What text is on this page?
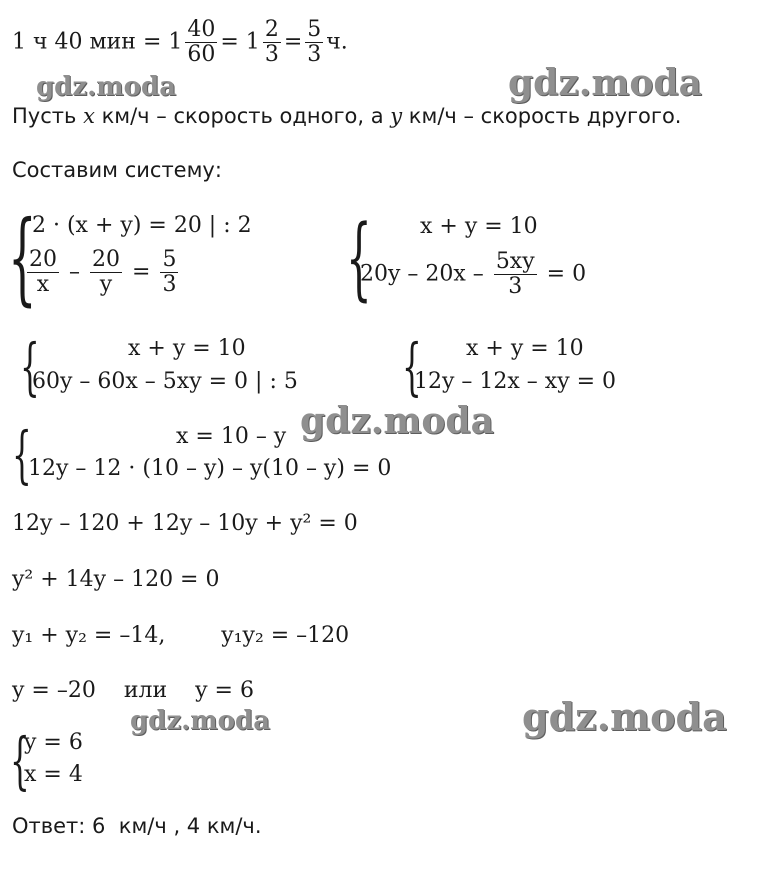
1 ч 40 мин = $1 \frac{40}{60} = 1 \frac{2}{3} = \frac{5}{3} ч$.
Пусть x км/ч – скорость одного, а y км/ч – скорость другого.
Составим систему:
{
2 · (x + y) = 20 | : 2
$\frac{20}{x} - \frac{20}{y} = \frac{5}{3}$ { x + y = 10
$20y - 20x - \frac{5xy}{3} = 0$
{	x + y = 10
60y – 60x – 5xy = 0 | : 5 { x + y = 10
12y – 12x – xy = 0
{	x = 10 – y
12y – 12 · (10 – y) – y(10 – y) = 0
12y – 120 + 12y – 10y + y² = 0
y² + 14y – 120 = 0
y₁ + y₂ = –14,        y₁y₂ = –120
y = –20    или    y = 6
{
y = 6
x = 4
Ответ: 6  км/ч , 4 км/ч.
gdz.moda	gdz.moda
gdz.moda
gdz.moda	gdz.moda
